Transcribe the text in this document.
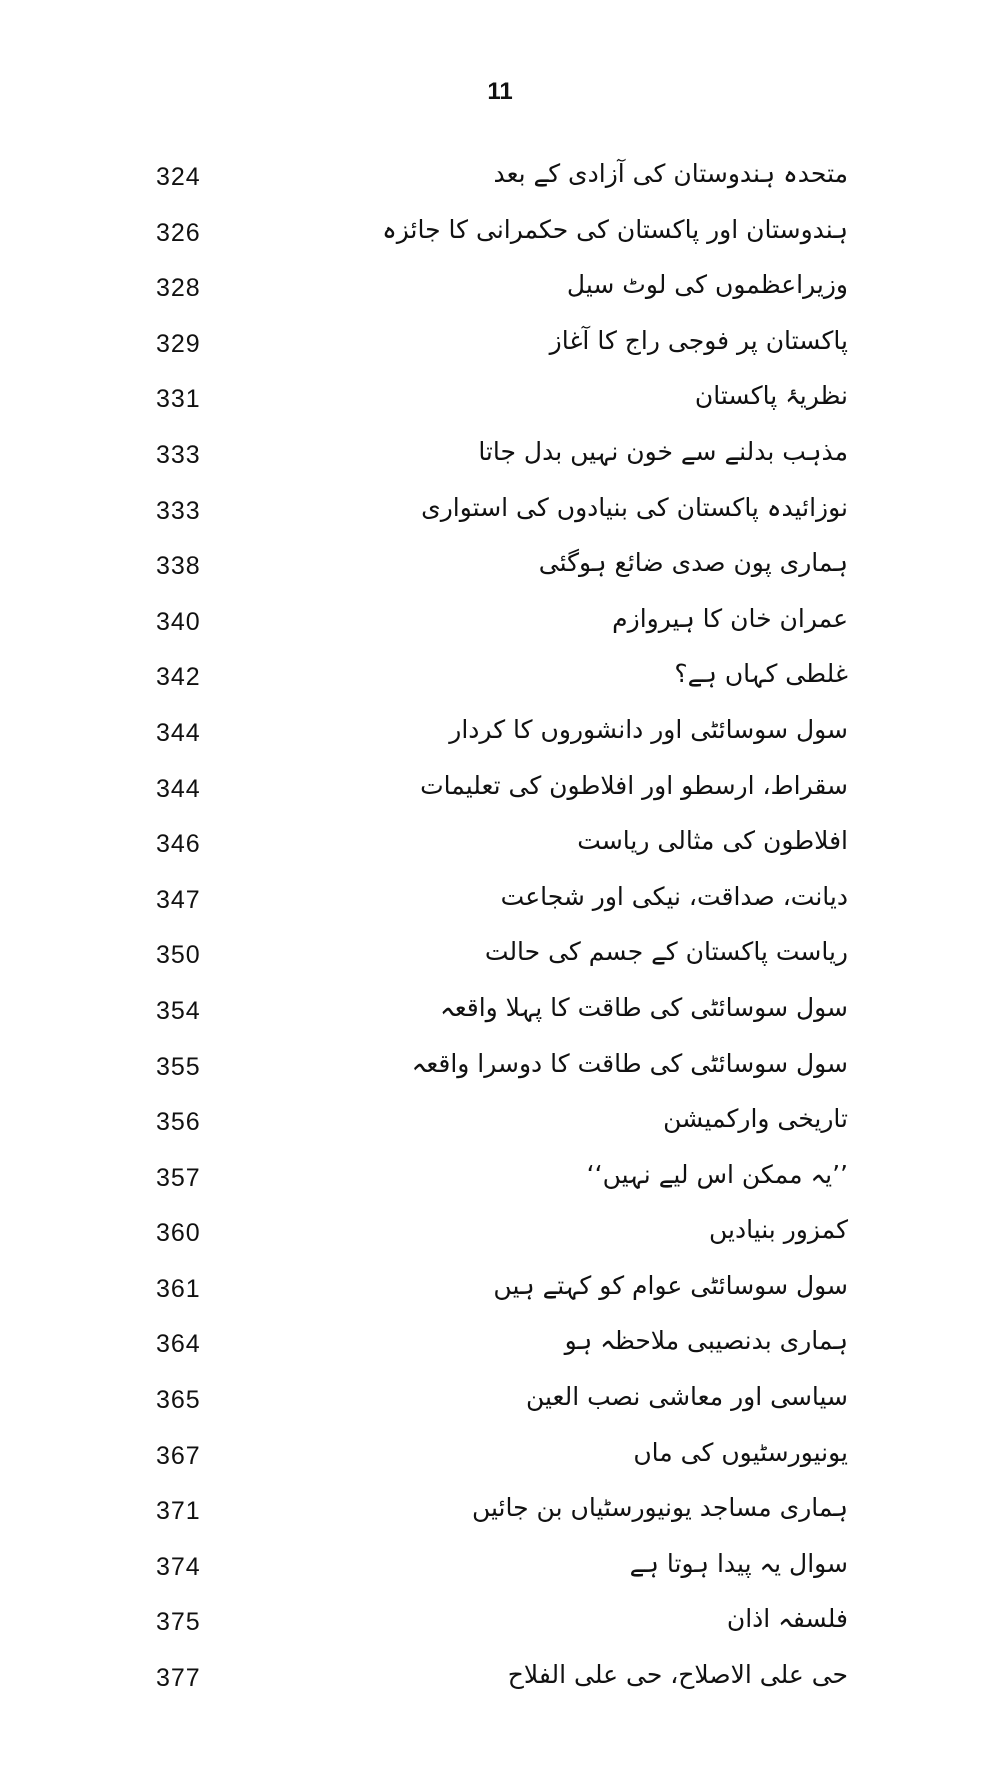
11
324	متحدہ ہندوستان کی آزادی کے بعد
326	ہندوستان اور پاکستان کی حکمرانی کا جائزہ
328	وزیراعظموں کی لوٹ سیل
329	پاکستان پر فوجی راج کا آغاز
331	نظریۂ پاکستان
333	مذہب بدلنے سے خون نہیں بدل جاتا
333	نوزائیدہ پاکستان کی بنیادوں کی استواری
338	ہماری پون صدی ضائع ہوگئی
340	عمران خان کا ہیروازم
342	غلطی کہاں ہے؟
344	سول سوسائٹی اور دانشوروں کا کردار
344	سقراط، ارسطو اور افلاطون کی تعلیمات
346	افلاطون کی مثالی ریاست
347	دیانت، صداقت، نیکی اور شجاعت
350	ریاست پاکستان کے جسم کی حالت
354	سول سوسائٹی کی طاقت کا پہلا واقعہ
355	سول سوسائٹی کی طاقت کا دوسرا واقعہ
356	تاریخی وارکمیشن
357	’’یہ ممکن اس لیے نہیں‘‘
360	کمزور بنیادیں
361	سول سوسائٹی عوام کو کہتے ہیں
364	ہماری بدنصیبی ملاحظہ ہو
365	سیاسی اور معاشی نصب العین
367	یونیورسٹیوں کی ماں
371	ہماری مساجد یونیورسٹیاں بن جائیں
374	سوال یہ پیدا ہوتا ہے
375	فلسفہ اذان
377	حی علی الاصلاح، حی علی الفلاح
